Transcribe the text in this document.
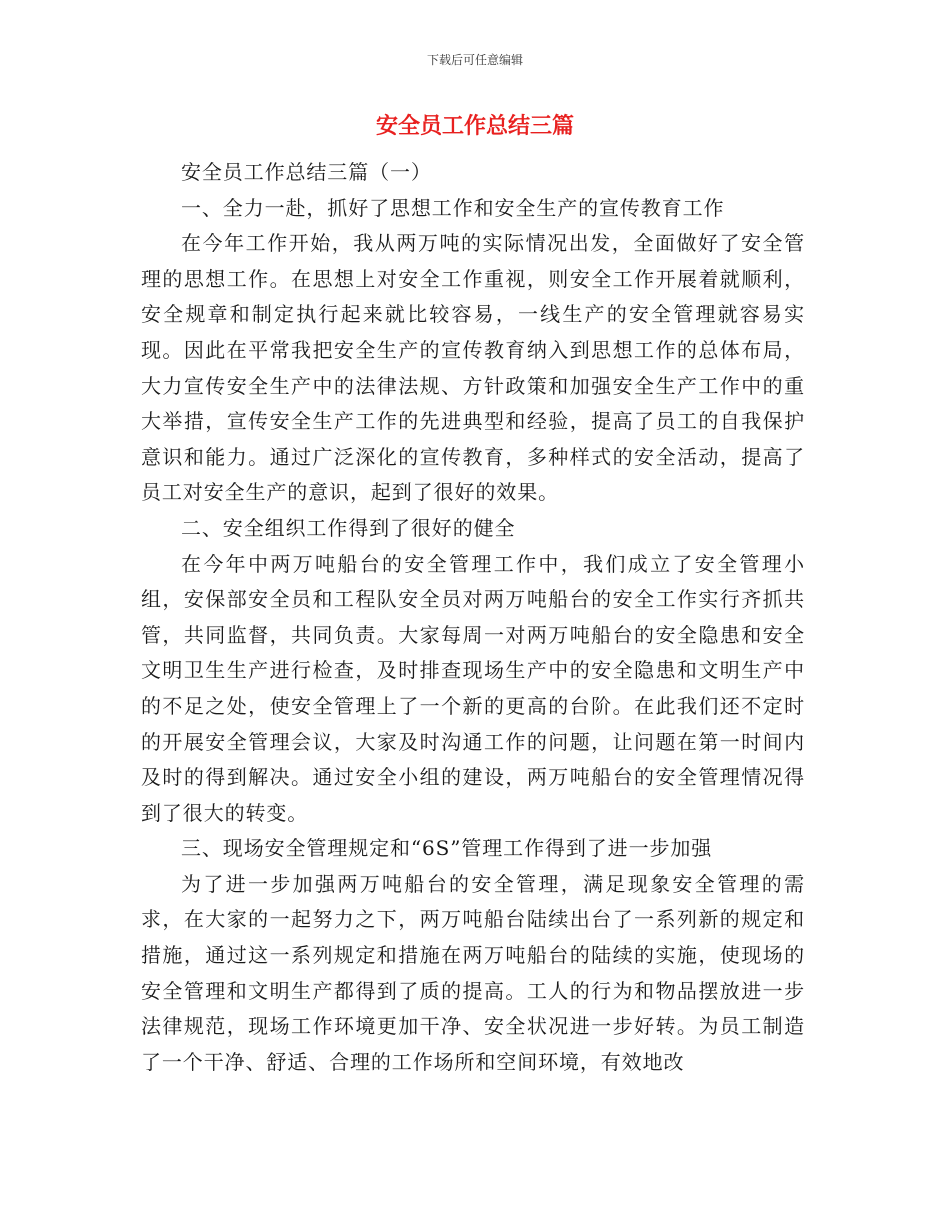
下载后可任意编辑
安全员工作总结三篇

安全员工作总结三篇（一）

一、全力一赴，抓好了思想工作和安全生产的宣传教育工作

在今年工作开始，我从两万吨的实际情况出发，全面做好了安全管理的思想工作。在思想上对安全工作重视，则安全工作开展着就顺利，安全规章和制定执行起来就比较容易，一线生产的安全管理就容易实现。因此在平常我把安全生产的宣传教育纳入到思想工作的总体布局，大力宣传安全生产中的法律法规、方针政策和加强安全生产工作中的重大举措，宣传安全生产工作的先进典型和经验，提高了员工的自我保护意识和能力。通过广泛深化的宣传教育，多种样式的安全活动，提高了员工对安全生产的意识，起到了很好的效果。

二、安全组织工作得到了很好的健全

在今年中两万吨船台的安全管理工作中，我们成立了安全管理小组，安保部安全员和工程队安全员对两万吨船台的安全工作实行齐抓共管，共同监督，共同负责。大家每周一对两万吨船台的安全隐患和安全文明卫生生产进行检查，及时排查现场生产中的安全隐患和文明生产中的不足之处，使安全管理上了一个新的更高的台阶。在此我们还不定时的开展安全管理会议，大家及时沟通工作的问题，让问题在第一时间内及时的得到解决。通过安全小组的建设，两万吨船台的安全管理情况得到了很大的转变。

三、现场安全管理规定和“6S”管理工作得到了进一步加强

为了进一步加强两万吨船台的安全管理，满足现象安全管理的需求，在大家的一起努力之下，两万吨船台陆续出台了一系列新的规定和措施，通过这一系列规定和措施在两万吨船台的陆续的实施，使现场的安全管理和文明生产都得到了质的提高。工人的行为和物品摆放进一步法律规范，现场工作环境更加干净、安全状况进一步好转。为员工制造了一个干净、舒适、合理的工作场所和空间环境，有效地改
